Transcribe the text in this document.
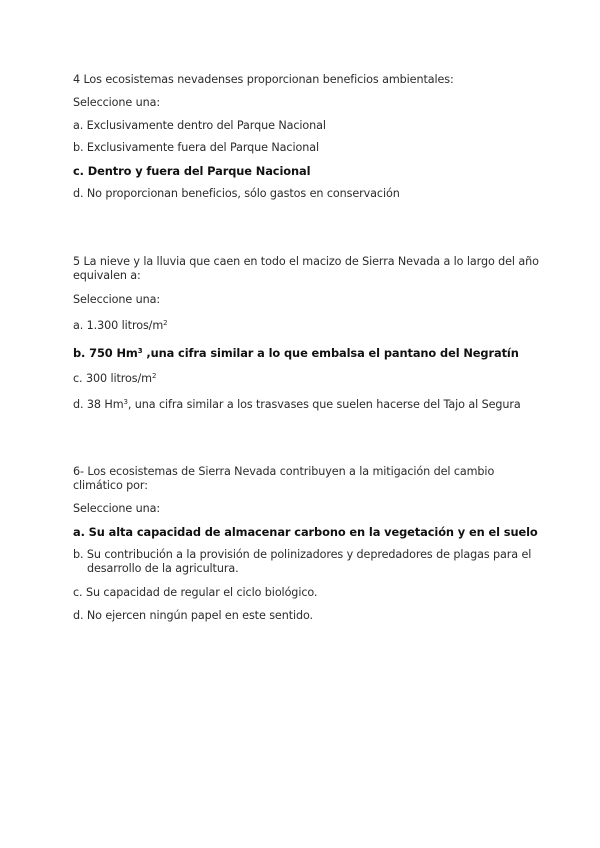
4 Los ecosistemas nevadenses proporcionan beneficios ambientales:
Seleccione una:
a. Exclusivamente dentro del Parque Nacional
b. Exclusivamente fuera del Parque Nacional
c. Dentro y fuera del Parque Nacional
d. No proporcionan beneficios, sólo gastos en conservación
5 La nieve y la lluvia que caen en todo el macizo de Sierra Nevada a lo largo del año equivalen a:
Seleccione una:
a. 1.300 litros/$m^2$
b. 750 Hm$^3$ ,una cifra similar a lo que embalsa el pantano del Negratín
c. 300 litros/$m^2$
d. 38 Hm$^3$, una cifra similar a los trasvases que suelen hacerse del Tajo al Segura
6- Los ecosistemas de Sierra Nevada contribuyen a la mitigación del cambio climático por:
Seleccione una:
a. Su alta capacidad de almacenar carbono en la vegetación y en el suelo
b. Su contribución a la provisión de polinizadores y depredadores de plagas para el desarrollo de la agricultura.
c. Su capacidad de regular el ciclo biológico.
d. No ejercen ningún papel en este sentido.
